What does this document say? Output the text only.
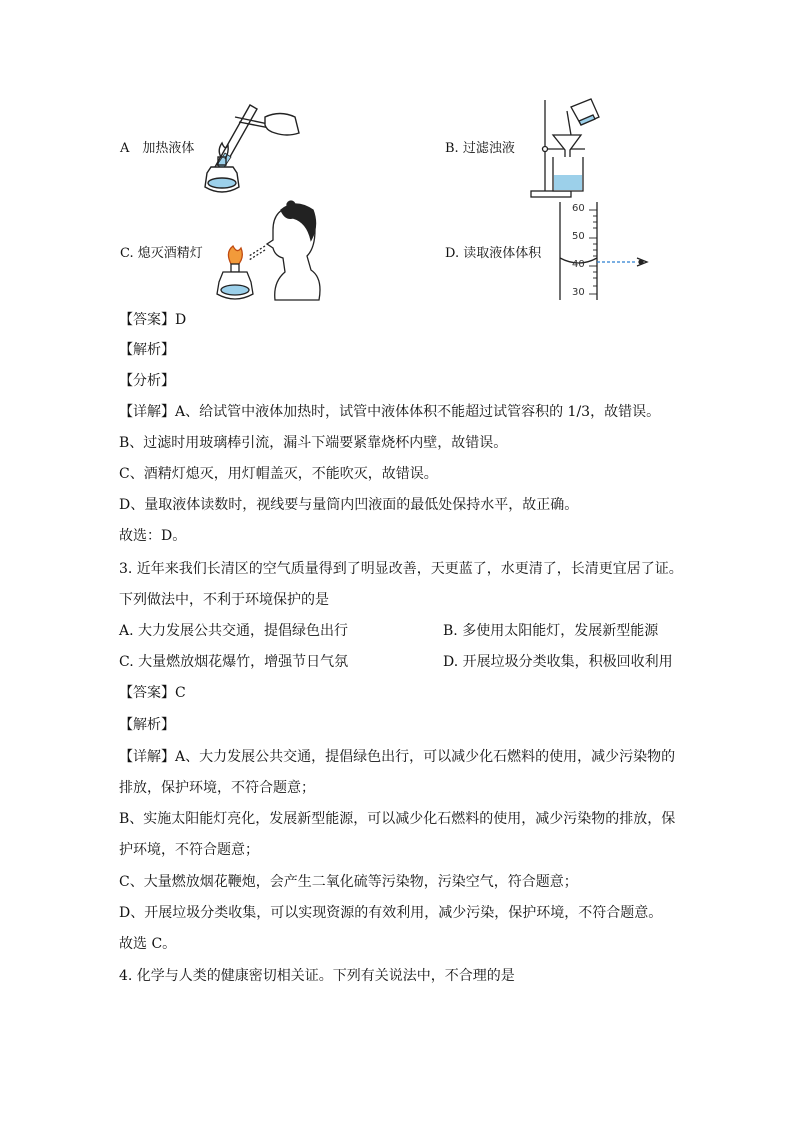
A　加热液体	B. 过滤浊液
C. 熄灭酒精灯	D. 读取液体体积
60
50
40
30
【答案】D
【解析】
【分析】
【详解】A、给试管中液体加热时，试管中液体体积不能超过试管容积的 1/3，故错误。
B、过滤时用玻璃棒引流，漏斗下端要紧靠烧杯内壁，故错误。
C、酒精灯熄灭，用灯帽盖灭，不能吹灭，故错误。
D、量取液体读数时，视线要与量筒内凹液面的最低处保持水平，故正确。
故选：D。
3. 近年来我们长清区的空气质量得到了明显改善，天更蓝了，水更清了，长清更宜居了证。
下列做法中，不利于环境保护的是
A. 大力发展公共交通，提倡绿色出行	B. 多使用太阳能灯，发展新型能源
C. 大量燃放烟花爆竹，增强节日气氛	D. 开展垃圾分类收集，积极回收利用
【答案】C
【解析】
【详解】A、大力发展公共交通，提倡绿色出行，可以减少化石燃料的使用，减少污染物的
排放，保护环境，不符合题意；
B、实施太阳能灯亮化，发展新型能源，可以减少化石燃料的使用，减少污染物的排放，保
护环境，不符合题意；
C、大量燃放烟花鞭炮，会产生二氧化硫等污染物，污染空气，符合题意；
D、开展垃圾分类收集，可以实现资源的有效利用，减少污染，保护环境，不符合题意。
故选 C。
4. 化学与人类的健康密切相关证。下列有关说法中，不合理的是
